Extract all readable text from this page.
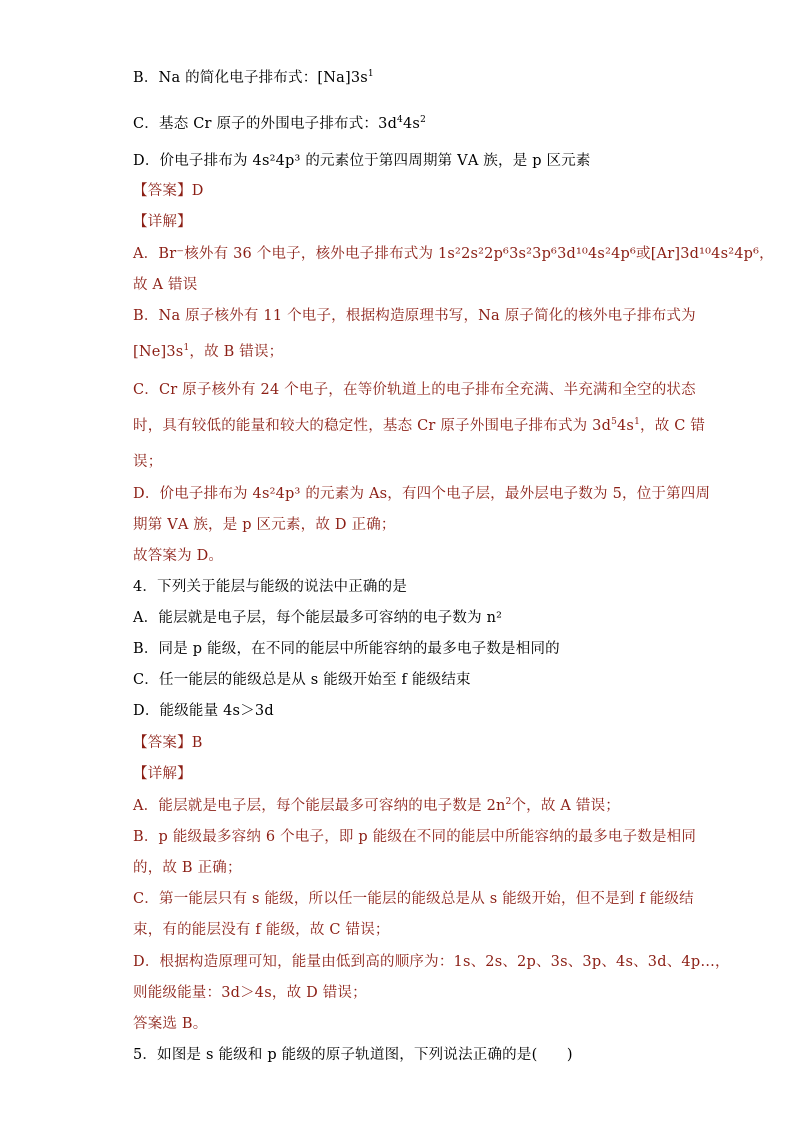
B．Na 的简化电子排布式：$[Na]3s^1$
C．基态 Cr 原子的外围电子排布式：$3d^44s^2$
D．价电子排布为 4s²4p³ 的元素位于第四周期第 ⅤA 族，是 p 区元素
【答案】D
【详解】
A．Br⁻核外有 36 个电子，核外电子排布式为 1s²2s²2p⁶3s²3p⁶3d¹⁰4s²4p⁶或[Ar]3d¹⁰4s²4p⁶，
故 A 错误
B．Na 原子核外有 11 个电子，根据构造原理书写，Na 原子简化的核外电子排布式为
$[Ne]3s^1$，故 B 错误；
C．Cr 原子核外有 24 个电子，在等价轨道上的电子排布全充满、半充满和全空的状态
时，具有较低的能量和较大的稳定性，基态 Cr 原子外围电子排布式为 $3d^54s^1$，故 C 错
误；
D．价电子排布为 4s²4p³ 的元素为 As，有四个电子层，最外层电子数为 5，位于第四周
期第 ⅤA 族，是 p 区元素，故 D 正确；
故答案为 D。
4．下列关于能层与能级的说法中正确的是
A．能层就是电子层，每个能层最多可容纳的电子数为 n²
B．同是 p 能级，在不同的能层中所能容纳的最多电子数是相同的
C．任一能层的能级总是从 s 能级开始至 f 能级结束
D．能级能量 4s＞3d
【答案】B
【详解】
A．能层就是电子层，每个能层最多可容纳的电子数是 $2n^2$个，故 A 错误；
B．p 能级最多容纳 6 个电子，即 p 能级在不同的能层中所能容纳的最多电子数是相同
的，故 B 正确；
C．第一能层只有 s 能级，所以任一能层的能级总是从 s 能级开始，但不是到 f 能级结
束，有的能层没有 f 能级，故 C 错误；
D．根据构造原理可知，能量由低到高的顺序为：1s、2s、2p、3s、3p、4s、3d、4p…，
则能级能量：3d＞4s，故 D 错误；
答案选 B。
5．如图是 s 能级和 p 能级的原子轨道图，下列说法正确的是(　　)
